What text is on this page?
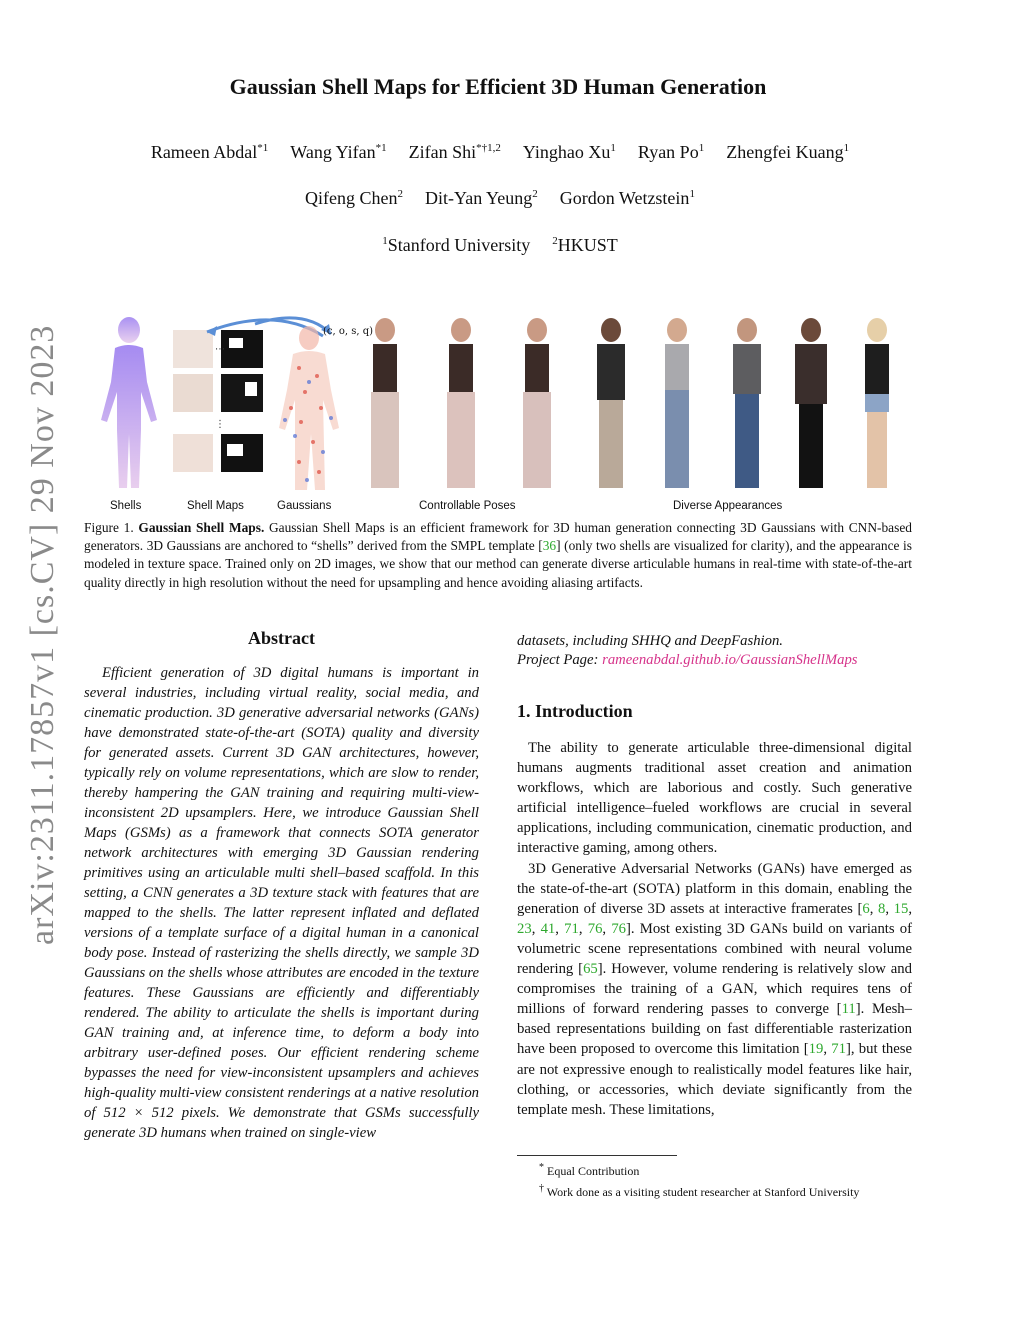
arXiv:2311.17857v1 [cs.CV] 29 Nov 2023
Gaussian Shell Maps for Efficient 3D Human Generation
Rameen Abdal$^{*1}$ Wang Yifan$^{*1}$ Zifan Shi$^{*\dagger 1,2}$ Yinghao Xu$^1$ Ryan Po$^1$ Zhengfei Kuang$^1$
Qifeng Chen$^2$ Dit-Yan Yeung$^2$ Gordon Wetzstein$^1$
$^1$Stanford University $^2$HKUST
⋯
⋮
(c, o, s, q)
Shells	Shell Maps	Gaussians	Controllable Poses	Diverse Appearances

Figure 1. Gaussian Shell Maps. Gaussian Shell Maps is an efficient framework for 3D human generation connecting 3D Gaussians with CNN-based generators. 3D Gaussians are anchored to “shells” derived from the SMPL template [36] (only two shells are visualized for clarity), and the appearance is modeled in texture space. Trained only on 2D images, we show that our method can generate diverse articulable humans in real-time with state-of-the-art quality directly in high resolution without the need for upsampling and hence avoiding aliasing artifacts.

Abstract

Efficient generation of 3D digital humans is important in several industries, including virtual reality, social media, and cinematic production. 3D generative adversarial networks (GANs) have demonstrated state-of-the-art (SOTA) quality and diversity for generated assets. Current 3D GAN architectures, however, typically rely on volume representations, which are slow to render, thereby hampering the GAN training and requiring multi-view-inconsistent 2D upsamplers. Here, we introduce Gaussian Shell Maps (GSMs) as a framework that connects SOTA generator network architectures with emerging 3D Gaussian rendering primitives using an articulable multi shell–based scaffold. In this setting, a CNN generates a 3D texture stack with features that are mapped to the shells. The latter represent inflated and deflated versions of a template surface of a digital human in a canonical body pose. Instead of rasterizing the shells directly, we sample 3D Gaussians on the shells whose attributes are encoded in the texture features. These Gaussians are efficiently and differentiably rendered. The ability to articulate the shells is important during GAN training and, at inference time, to deform a body into arbitrary user-defined poses. Our efficient rendering scheme bypasses the need for view-inconsistent upsamplers and achieves high-quality multi-view consistent renderings at a native resolution of 512 × 512 pixels. We demonstrate that GSMs successfully generate 3D humans when trained on single-view

datasets, including SHHQ and DeepFashion.
Project Page: rameenabdal.github.io/GaussianShellMaps

1. Introduction

The ability to generate articulable three-dimensional digital humans augments traditional asset creation and animation workflows, which are laborious and costly. Such generative artificial intelligence–fueled workflows are crucial in several applications, including communication, cinematic production, and interactive gaming, among others.

3D Generative Adversarial Networks (GANs) have emerged as the state-of-the-art (SOTA) platform in this domain, enabling the generation of diverse 3D assets at interactive framerates [6, 8, 15, 23, 41, 71, 76, 76]. Most existing 3D GANs build on variants of volumetric scene representations combined with neural volume rendering [65]. However, volume rendering is relatively slow and compromises the training of a GAN, which requires tens of millions of forward rendering passes to converge [11]. Mesh–based representations building on fast differentiable rasterization have been proposed to overcome this limitation [19, 71], but these are not expressive enough to realistically model features like hair, clothing, or accessories, which deviate significantly from the template mesh. These limitations,

* Equal Contribution

† Work done as a visiting student researcher at Stanford University
